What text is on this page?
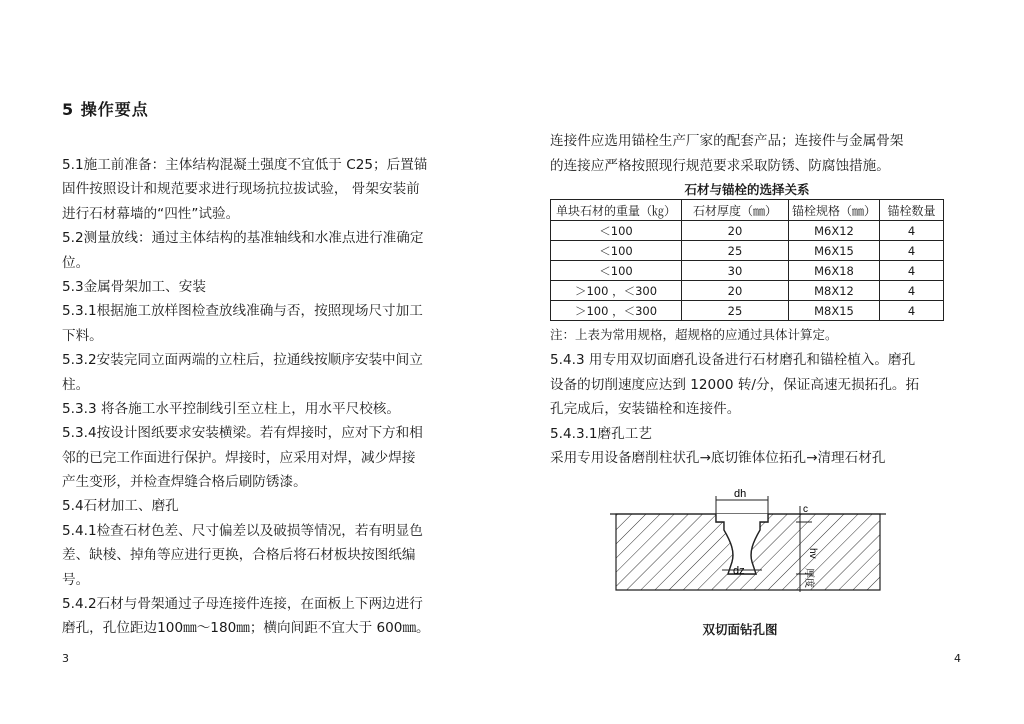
5 操作要点
5.1施工前准备：主体结构混凝土强度不宜低于 C25；后置锚
固件按照设计和规范要求进行现场抗拉拔试验， 骨架安装前
进行石材幕墙的“四性”试验。
5.2测量放线：通过主体结构的基准轴线和水准点进行准确定
位。
5.3金属骨架加工、安装
5.3.1根据施工放样图检查放线准确与否，按照现场尺寸加工
下料。
5.3.2安装完同立面两端的立柱后，拉通线按顺序安装中间立
柱。
5.3.3 将各施工水平控制线引至立柱上，用水平尺校核。
5.3.4按设计图纸要求安装横梁。若有焊接时，应对下方和相
邻的已完工作面进行保护。焊接时，应采用对焊，减少焊接
产生变形，并检查焊缝合格后刷防锈漆。
5.4石材加工、磨孔
5.4.1检查石材色差、尺寸偏差以及破损等情况，若有明显色
差、缺棱、掉角等应进行更换，合格后将石材板块按图纸编
号。
5.4.2石材与骨架通过子母连接件连接，在面板上下两边进行
磨孔，孔位距边100㎜～180㎜；横向间距不宜大于 600㎜。
3
连接件应选用锚栓生产厂家的配套产品；连接件与金属骨架
的连接应严格按照现行规范要求采取防锈、防腐蚀措施。
石材与锚栓的选择关系
单块石材的重量（㎏）	石材厚度（㎜）	锚栓规格（㎜）	锚栓数量
＜100	20	M6X12	4
＜100	25	M6X15	4
＜100	30	M6X18	4
＞100 ，＜300	20	M8X12	4
＞100 ，＜300	25	M8X15	4
注：上表为常用规格，超规格的应通过具体计算定。
5.4.3 用专用双切面磨孔设备进行石材磨孔和锚栓植入。磨孔
设备的切削速度应达到 12000 转/分，保证高速无损拓孔。拓
孔完成后，安装锚栓和连接件。
5.4.3.1磨孔工艺
采用专用设备磨削柱状孔→底切锥体位拓孔→清理石材孔
dh
dz
c
hv
厚度
双切面钻孔图
4
